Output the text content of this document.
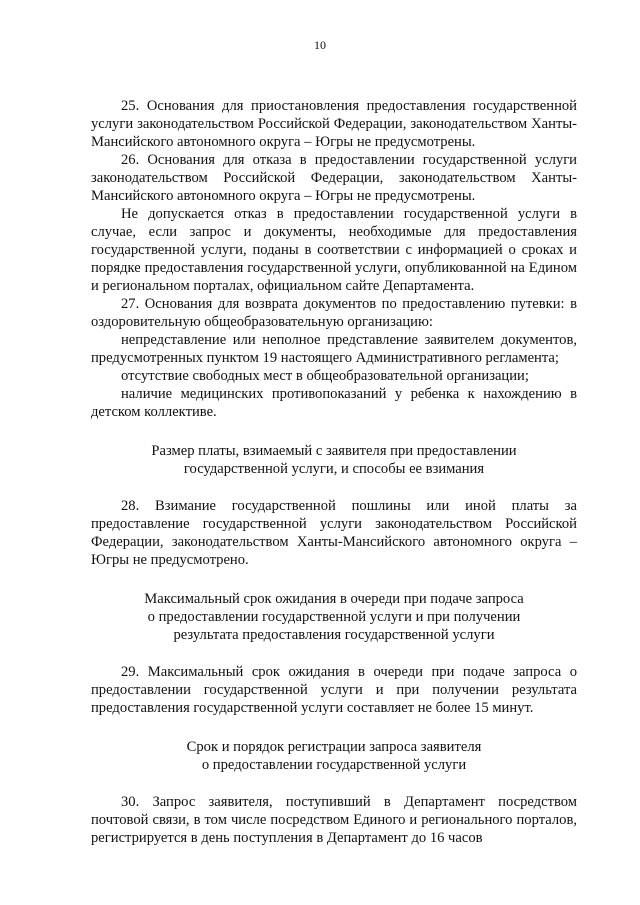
10

25. Основания для приостановления предоставления государственной услуги законодательством Российской Федерации, законодательством Ханты-Мансийского автономного округа – Югры не предусмотрены.

26. Основания для отказа в предоставлении государственной услуги законодательством Российской Федерации, законодательством Ханты-Мансийского автономного округа – Югры не предусмотрены.

Не допускается отказ в предоставлении государственной услуги в случае, если запрос и документы, необходимые для предоставления государственной услуги, поданы в соответствии с информацией о сроках и порядке предоставления государственной услуги, опубликованной на Едином и региональном порталах, официальном сайте Департамента.

27. Основания для возврата документов по предоставлению путевки: в оздоровительную общеобразовательную организацию:

непредставление или неполное представление заявителем документов, предусмотренных пунктом 19 настоящего Административного регламента;

отсутствие свободных мест в общеобразовательной организации;

наличие медицинских противопоказаний у ребенка к нахождению в детском коллективе.

Размер платы, взимаемый с заявителя при предоставлении

государственной услуги, и способы ее взимания

28. Взимание государственной пошлины или иной платы за предоставление государственной услуги законодательством Российской Федерации, законодательством Ханты-Мансийского автономного округа – Югры не предусмотрено.

Максимальный срок ожидания в очереди при подаче запроса

о предоставлении государственной услуги и при получении

результата предоставления государственной услуги

29. Максимальный срок ожидания в очереди при подаче запроса о предоставлении государственной услуги и при получении результата предоставления государственной услуги составляет не более 15 минут.

Срок и порядок регистрации запроса заявителя

о предоставлении государственной услуги

30. Запрос заявителя, поступивший в Департамент посредством почтовой связи, в том числе посредством Единого и регионального порталов, регистрируется в день поступления в Департамент до 16 часов
